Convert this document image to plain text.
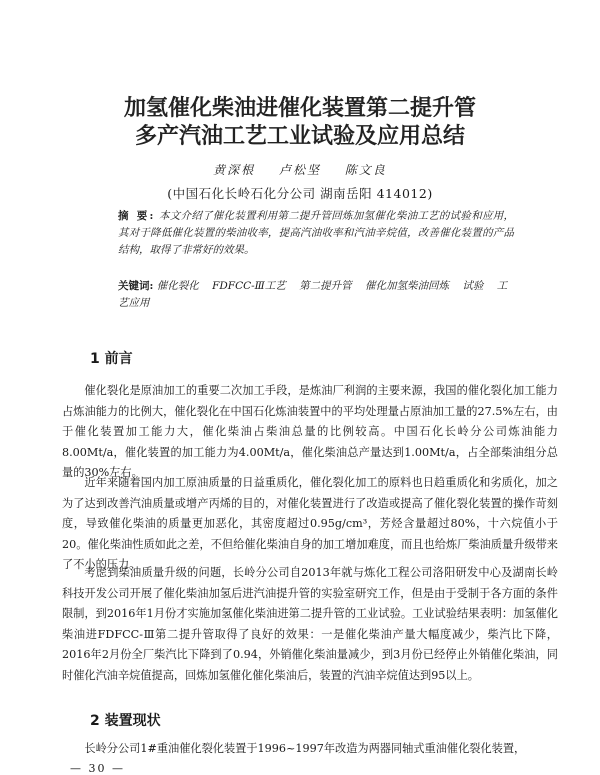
加氢催化柴油进催化装置第二提升管
多产汽油工艺工业试验及应用总结
黄深根 卢松坚 陈文良
(中国石化长岭石化分公司 湖南岳阳 414012)
摘 要: 本文介绍了催化装置利用第二提升管回炼加氢催化柴油工艺的试验和应用，其对于降低催化装置的柴油收率，提高汽油收率和汽油辛烷值，改善催化装置的产品结构，取得了非常好的效果。
关键词: 催化裂化 FDFCC-Ⅲ工艺 第二提升管 催化加氢柴油回炼 试验 工艺应用
1 前言

催化裂化是原油加工的重要二次加工手段，是炼油厂利润的主要来源，我国的催化裂化加工能力占炼油能力的比例大，催化裂化在中国石化炼油装置中的平均处理量占原油加工量的27.5%左右，由于催化装置加工能力大，催化柴油占柴油总量的比例较高。中国石化长岭分公司炼油能力8.00Mt/a，催化装置的加工能力为4.00Mt/a，催化柴油总产量达到1.00Mt/a，占全部柴油组分总量的30%左右。

近年来随着国内加工原油质量的日益重质化，催化裂化加工的原料也日趋重质化和劣质化，加之为了达到改善汽油质量或增产丙烯的目的，对催化装置进行了改造或提高了催化裂化装置的操作苛刻度，导致催化柴油的质量更加恶化，其密度超过0.95g/cm³，芳烃含量超过80%，十六烷值小于20。催化柴油性质如此之差，不但给催化柴油自身的加工增加难度，而且也给炼厂柴油质量升级带来了不小的压力。

考虑到柴油质量升级的问题，长岭分公司自2013年就与炼化工程公司洛阳研发中心及湖南长岭科技开发公司开展了催化柴油加氢后进汽油提升管的实验室研究工作，但是由于受制于各方面的条件限制，到2016年1月份才实施加氢催化柴油进第二提升管的工业试验。工业试验结果表明：加氢催化柴油进FDFCC-Ⅲ第二提升管取得了良好的效果：一是催化柴油产量大幅度减少，柴汽比下降，2016年2月份全厂柴汽比下降到了0.94，外销催化柴油量减少，到3月份已经停止外销催化柴油，同时催化汽油辛烷值提高，回炼加氢催化催化柴油后，装置的汽油辛烷值达到95以上。

2 装置现状

长岭分公司1#重油催化裂化装置于1996~1997年改造为两器同轴式重油催化裂化装置，

— 30 —
